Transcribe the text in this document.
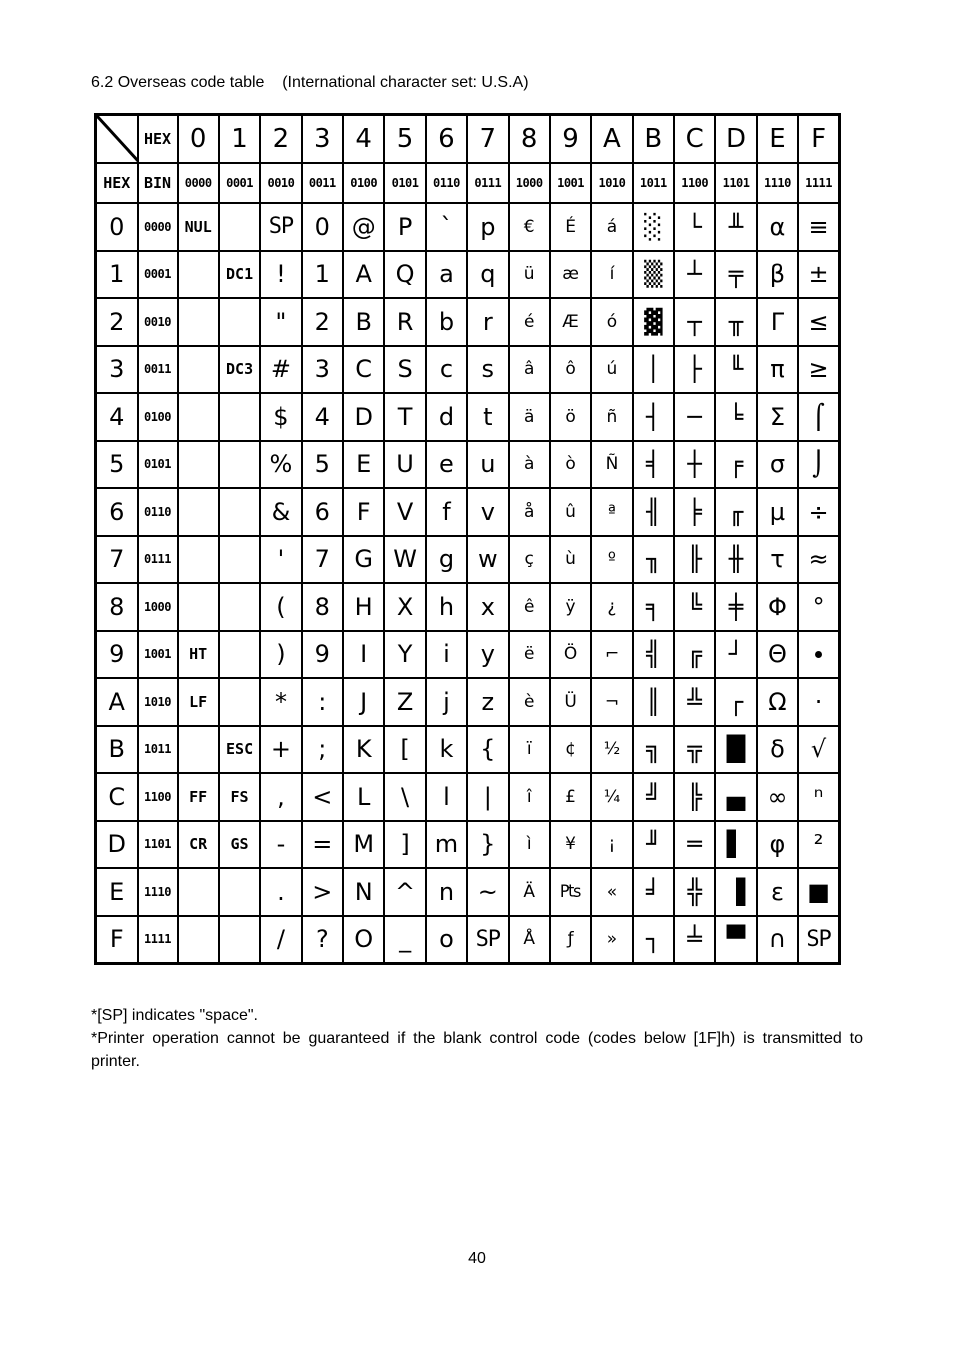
6.2 Overseas code table    (International character set: U.S.A)
	HEX	0	1	2	3	4	5	6	7	8	9	A	B	C	D	E	F
HEX	BIN	0000	0001	0010	0011	0100	0101	0110	0111	1000	1001	1010	1011	1100	1101	1110	1111
0	0000	NUL		SP	0	@	P	`	p	€	É	á	░	└	╨	α	≡
1	0001		DC1	!	1	A	Q	a	q	ü	æ	í	▒	┴	╤	β	±
2	0010			"	2	B	R	b	r	é	Æ	ó	▓	┬	╥	Γ	≤
3	0011		DC3	#	3	C	S	c	s	â	ô	ú	│	├	╙	π	≥
4	0100			$	4	D	T	d	t	ä	ö	ñ	┤	─	╘	Σ	⌠
5	0101			%	5	E	U	e	u	à	ò	Ñ	╡	┼	╒	σ	⌡
6	0110			&	6	F	V	f	v	å	û	ª	╢	╞	╓	µ	÷
7	0111			'	7	G	W	g	w	ç	ù	º	╖	╟	╫	τ	≈
8	1000			(	8	H	X	h	x	ê	ÿ	¿	╕	╚	╪	Φ	°
9	1001	HT		)	9	I	Y	i	y	ë	Ö	⌐	╣	╔	┘	Θ	∙
A	1010	LF		*	:	J	Z	j	z	è	Ü	¬	║	╩	┌	Ω	·
B	1011		ESC	+	;	K	[	k	{	ï	¢	½	╗	╦	█	δ	√
C	1100	FF	FS	,	<	L	\	l	|	î	£	¼	╝	╠	▄	∞	ⁿ
D	1101	CR	GS	-	=	M	]	m	}	ì	¥	¡	╜	═	▌	φ	²
E	1110			.	>	N	^	n	~	Ä	₧	«	╛	╬	▐	ε	■
F	1111			/	?	O	_	o	SP	Å	ƒ	»	┐	╧	▀	∩	SP

*[SP] indicates "space".

*Printer operation cannot be guaranteed if the blank control code (codes below [1F]h) is transmitted to printer.

40
